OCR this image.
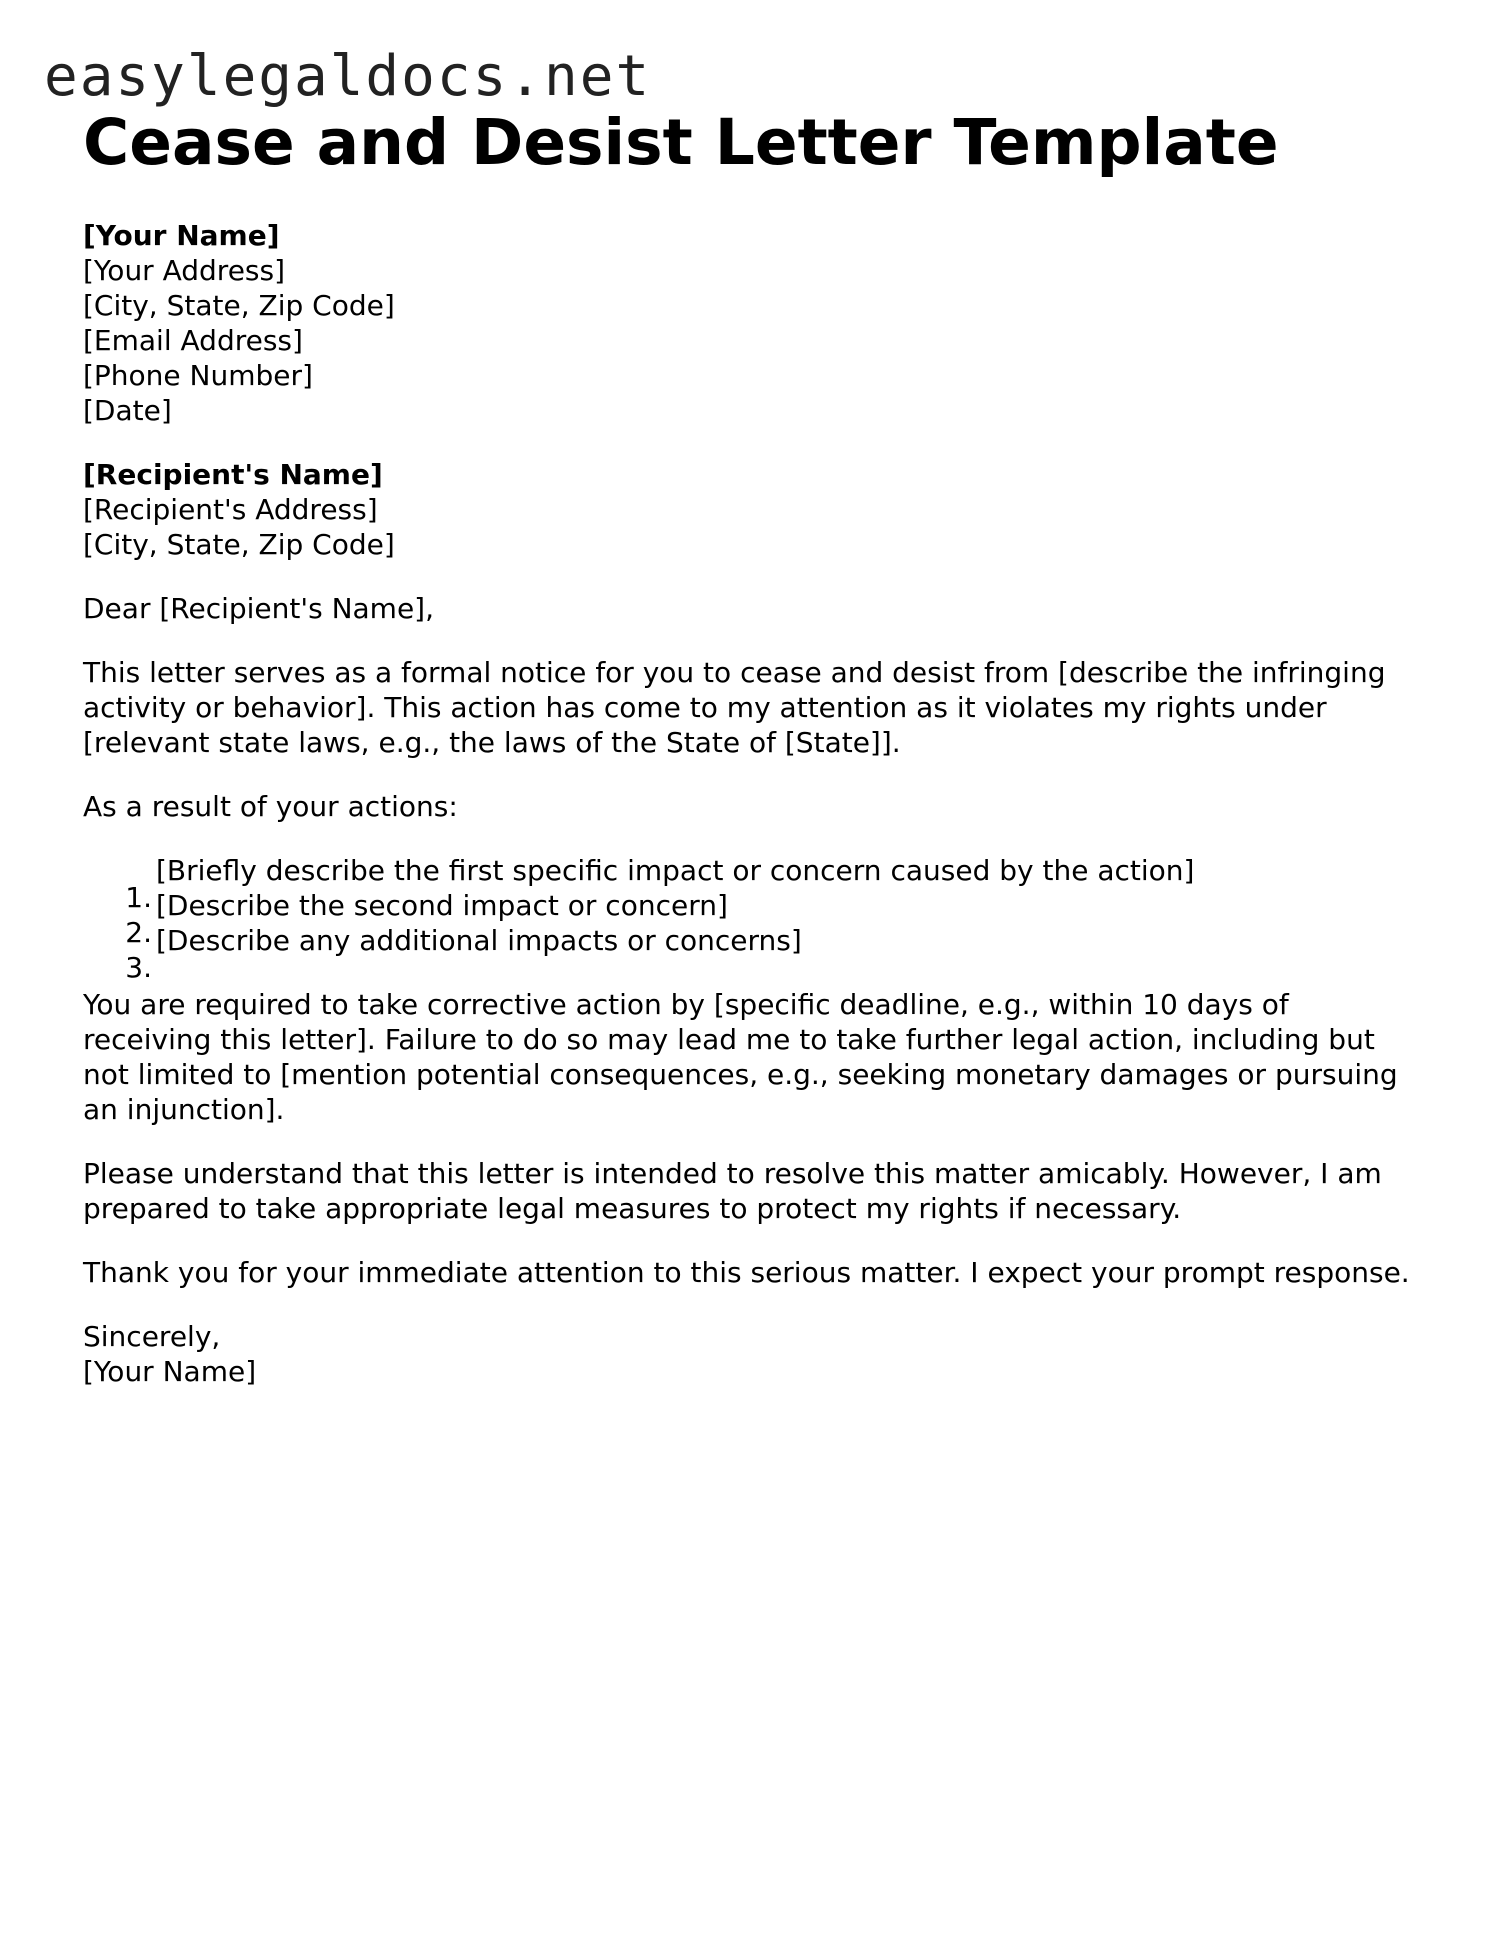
easylegaldocs.net
Cease and Desist Letter Template
[Your Name]
[Your Address]
[City, State, Zip Code]
[Email Address]
[Phone Number]
[Date]
[Recipient's Name]
[Recipient's Address]
[City, State, Zip Code]

Dear [Recipient's Name],

This letter serves as a formal notice for you to cease and desist from [describe the infringing activity or behavior]. This action has come to my attention as it violates my rights under [relevant state laws, e.g., the laws of the State of [State]].

As a result of your actions:

1.
[Briefly describe the first specific impact or concern caused by the action]
2.
[Describe the second impact or concern]
3.
[Describe any additional impacts or concerns]

You are required to take corrective action by [specific deadline, e.g., within 10 days of receiving this letter]. Failure to do so may lead me to take further legal action, including but not limited to [mention potential consequences, e.g., seeking monetary damages or pursuing an injunction].

Please understand that this letter is intended to resolve this matter amicably. However, I am prepared to take appropriate legal measures to protect my rights if necessary.

Thank you for your immediate attention to this serious matter. I expect your prompt response.

Sincerely,
[Your Name]
